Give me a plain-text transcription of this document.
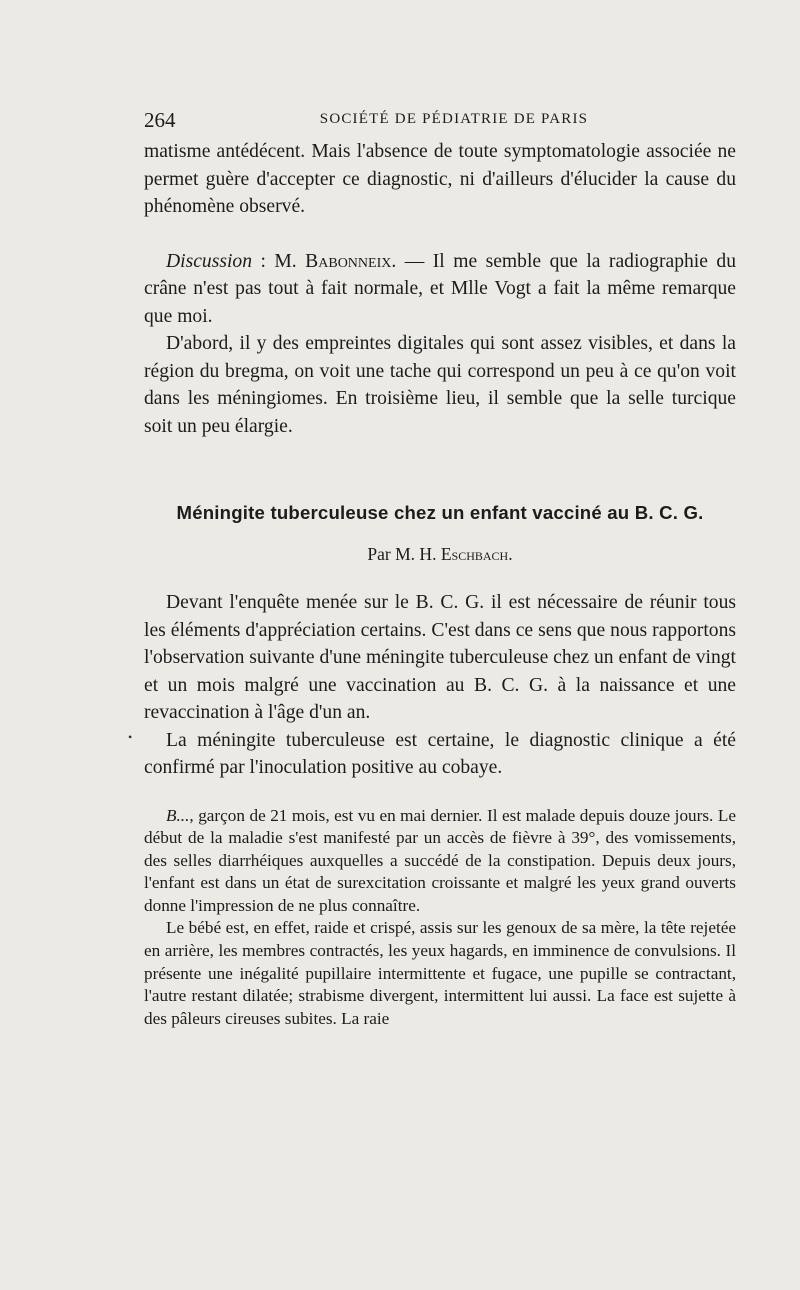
264	SOCIÉTÉ DE PÉDIATRIE DE PARIS

matisme antédécent. Mais l'absence de toute symptomatologie associée ne permet guère d'accepter ce diagnostic, ni d'ailleurs d'élucider la cause du phénomène observé.

Discussion : M. Babonneix. — Il me semble que la radiographie du crâne n'est pas tout à fait normale, et Mlle Vogt a fait la même remarque que moi.

D'abord, il y des empreintes digitales qui sont assez visibles, et dans la région du bregma, on voit une tache qui correspond un peu à ce qu'on voit dans les méningiomes. En troisième lieu, il semble que la selle turcique soit un peu élargie.

Méningite tuberculeuse chez un enfant vacciné au B. C. G.
Par M. H. Eschbach.

Devant l'enquête menée sur le B. C. G. il est nécessaire de réunir tous les éléments d'appréciation certains. C'est dans ce sens que nous rapportons l'observation suivante d'une méningite tuberculeuse chez un enfant de vingt et un mois malgré une vaccination au B. C. G. à la naissance et une revaccination à l'âge d'un an.

La méningite tuberculeuse est certaine, le diagnostic clinique a été confirmé par l'inoculation positive au cobaye.

B..., garçon de 21 mois, est vu en mai dernier. Il est malade depuis douze jours. Le début de la maladie s'est manifesté par un accès de fièvre à 39°, des vomissements, des selles diarrhéiques auxquelles a succédé de la constipation. Depuis deux jours, l'enfant est dans un état de surexcitation croissante et malgré les yeux grand ouverts donne l'impression de ne plus connaître.

Le bébé est, en effet, raide et crispé, assis sur les genoux de sa mère, la tête rejetée en arrière, les membres contractés, les yeux hagards, en imminence de convulsions. Il présente une inégalité pupillaire intermittente et fugace, une pupille se contractant, l'autre restant dilatée; strabisme divergent, intermittent lui aussi. La face est sujette à des pâleurs cireuses subites. La raie

•
